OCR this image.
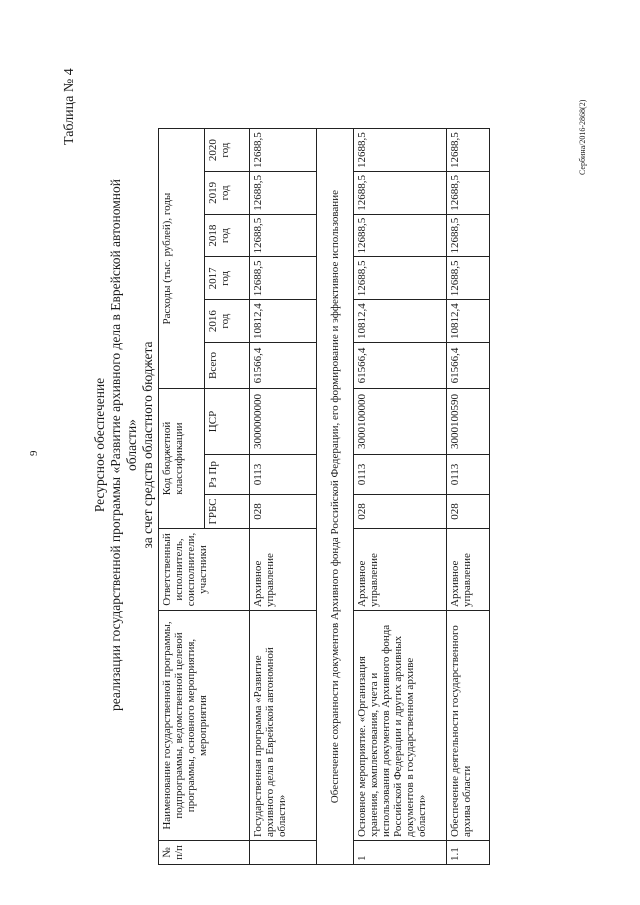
9
Таблица № 4
Ресурсное обеспечение реализации государственной программы «Развитие архивного дела в Еврейской автономной области» за счет средств областного бюджета
№ п/п	Наименование государственной программы, подпрограммы, ведомственной целевой программы, основного мероприятия, мероприятия	Ответственный исполнитель, соисполнители, участники	Код бюджетной классификации			Расходы (тыс. рублей), годы					
			ГРБС	Рз Пр	ЦСР	Всего	2016 год	2017 год	2018 год	2019 год	2020 год
	Государственная программа «Развитие архивного дела в Еврейской автономной области»	Архивное управление	028	0113	3000000000	61566,4	10812,4	12688,5	12688,5	12688,5	12688,5
Обеспечение сохранности документов Архивного фонда Российской Федерации, его формирование и эффективное использование											
1	Основное мероприятие. «Организация хранения, комплектования, учета и использования документов Архивного фонда Российской Федерации и других архивных документов в государственном архиве области»	Архивное управление	028	0113	3000100000	61566,4	10812,4	12688,5	12688,5	12688,5	12688,5
1.1	Обеспечение деятельности государственного архива области	Архивное управление	028	0113	3000100590	61566,4	10812,4	12688,5	12688,5	12688,5	12688,5	Сербина/2016-2868(2)
